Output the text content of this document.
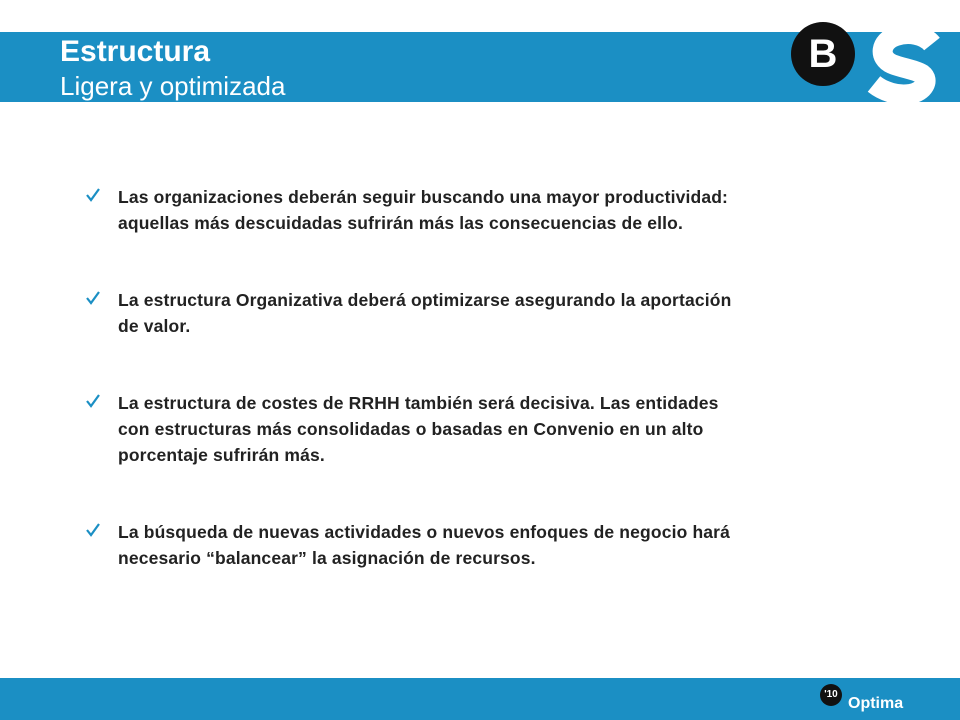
Estructura
Ligera y optimizada
B
Las organizaciones deberán seguir buscando una mayor productividad:
aquellas más descuidadas sufrirán más las consecuencias de ello.
La estructura Organizativa deberá optimizarse asegurando la aportación
de valor.
La estructura de costes de RRHH también será decisiva. Las entidades
con estructuras más consolidadas o basadas en Convenio en un alto
porcentaje sufrirán más.
La búsqueda de nuevas actividades o nuevos enfoques de negocio hará
necesario “balancear” la asignación de recursos.
'10
Optima
